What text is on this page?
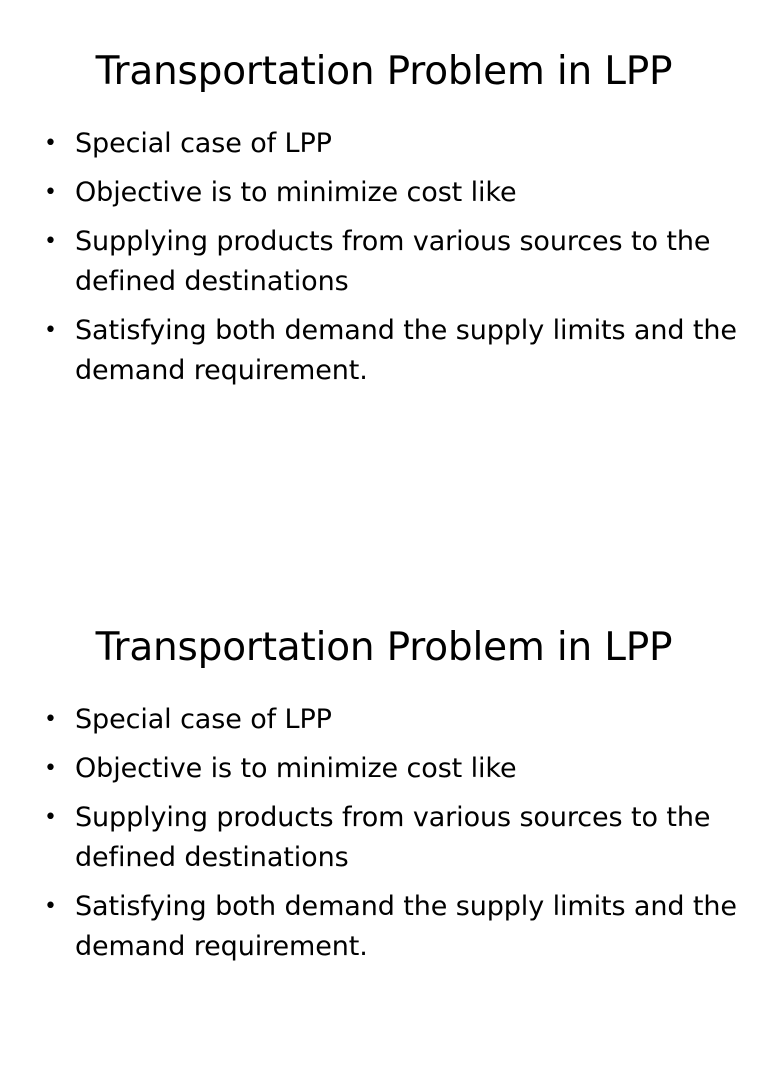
Transportation Problem in LPP
• Special case of LPP
• Objective is to minimize cost like
• Supplying products from various sources to the defined destinations
• Satisfying both demand the supply limits and the demand requirement.
Transportation Problem in LPP
• Special case of LPP
• Objective is to minimize cost like
• Supplying products from various sources to the defined destinations
• Satisfying both demand the supply limits and the demand requirement.
